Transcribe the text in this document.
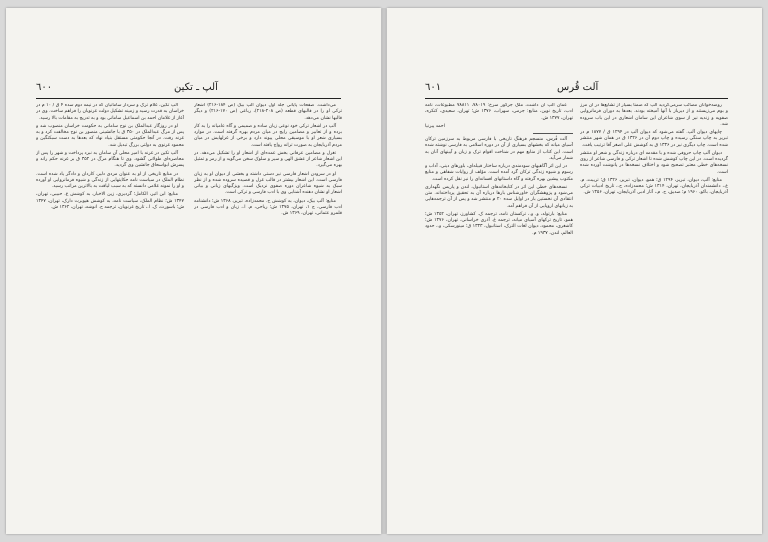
٦٠٠	آلپ ـ تکین

می‌داشت. صفحات پایانی جلد اول دیوان آلپ بیک (ص ۱۸۴-۲۱۶) اشعار ترکی او را در قالبهای قطعه (ص ۲۰۸-۲۱۸)، رباعی (ص ۱۷۰-۲۱۶) و دیگر قالبها نشان می‌دهد.

آلپ در اشعار ترکی خود نوعی زبان ساده و صمیمی و گاه عامیانه را به کار برده و از تعابیر و مضامین رایج در میان مردم بهره گرفته است. در موارد بسیاری شعر او با موسیقی محلی پیوند دارد و برخی از غزلهایش در میان مردم آذربایجان به صورت ترانه رواج یافته است.

تغزل و مضامین عرفانی بخش عمده‌ای از اشعار او را تشکیل می‌دهد. در این اشعار شاعر از عشق الهی و سیر و سلوک سخن می‌گوید و از رمز و تمثیل بهره می‌گیرد.

او در سرودن اشعار فارسی نیز دستی داشته و بخشی از دیوان او به زبان فارسی است. این اشعار بیشتر در قالب غزل و قصیده سروده شده و از نظر سبک به شیوه شاعران دوره صفوی نزدیک است. ویژگیهای زبانی و بیانی اشعار او نشان دهنده آشنایی وی با ادب فارسی و ترکی است.

منابع: آلپ بیک، دیوان، به کوشش ح. محمدزاده، تبریز، ۱۳۶۸ ش؛ دانشنامه ادب فارسی، ج ۱، تهران، ۱۳۷۵ ش؛ ریاحی، م. ا.، زبان و ادب فارسی در قلمرو عثمانی، تهران، ۱۳۶۹ ش.

آلپ تکین، غلام ترک و سردار سامانیان که در نیمه دوم سده ۴ ق / ۱۰ م در خراسان به قدرت رسید و زمینه تشکیل دولت غزنویان را فراهم ساخت. وی در آغاز از غلامان احمد بن اسماعیل سامانی بود و به تدریج به مقامات بالا رسید.

او در روزگار عبدالملک بن نوح سامانی به حکومت خراسان منصوب شد و پس از مرگ عبدالملک در ۳۵۰ ق با جانشینی منصور بن نوح مخالفت کرد و به غزنه رفت. در آنجا حکومتی مستقل بنیاد نهاد که بعدها به دست سبکتگین و محمود غزنوی به دولتی بزرگ تبدیل شد.

آلپ تکین در غزنه با امیر محلی آن سامان به نبرد پرداخت و شهر را پس از محاصره‌ای طولانی گشود. وی تا هنگام مرگ در ۳۵۲ ق بر غزنه حکم راند و پسرش ابواسحاق جانشین وی گردید.

در منابع تاریخی از او به عنوان مردی دلیر، کاردان و دادگر یاد شده است. نظام الملک در سیاست نامه حکایتهایی از زندگی و شیوه فرمانروایی او آورده و او را نمونه غلامی دانسته که به سبب لیاقت به بالاترین مراتب رسید.

منابع: ابن اثیر، الکامل؛ گردیزی، زین الاخبار، به کوشش ع. حبیبی، تهران، ۱۳۴۷ ش؛ نظام الملک، سیاست نامه، به کوشش هیوبرت دارک، تهران، ۱۳۴۷ ش؛ باسورث، ک. ا.، تاریخ غزنویان، ترجمه ح. انوشه، تهران، ۱۳۶۲ ش.

٦٠١	آلت قُرس

روضه‌خوانان مصائب سرمی‌گردید آلپ که ضمنا بسیار از تشایع‌ها در آن مرز و بوم می‌زیستند و از دیرباز با آنها آمیخته بودند. بعدها به دوران فرمانروایی صفویه و زندیه نیز از سوی شاعران این سامان اشعاری در این باب سروده شد.

چاپهای دیوان آلپ. گفته می‌شود که دیوان آلپ در ۱۲۹۴ ق / ۱۸۷۷ م در تبریز به چاپ سنگی رسیده و چاپ دوم آن در ۱۳۲۶ ق در همان شهر منتشر شده است. چاپ دیگری نیز در ۱۳۳۶ ق به کوشش علی اصغر آقا ترتیب یافت.

دیوان آلپ چاپ حروفی شده و با مقدمه ای درباره زندگی و شعر او منتشر گردیده است. در این چاپ کوشش شده تا اشعار ترکی و فارسی شاعر از روی نسخه‌های خطی معتبر تصحیح شود و اختلاف نسخه‌ها در پانوشت آورده شده است.

منابع: آلپ، دیوان، تبریز، ۱۲۹۴ ق؛ همو، دیوان، تبریز، ۱۳۲۶ ق؛ تربیت، م. ع.، دانشمندان آذربایجان، تهران، ۱۳۱۴ ش؛ محمدزاده، ح.، تاریخ ادبیات ترکی آذربایجان، باکو، ۱۹۶۰ م؛ صدیق، ح. م.، آثار ادبی آذربایجان، تهران، ۱۳۵۶ ش.

عمان آلپ آن داشت، ملک جرگور سرخ: ۷۸۰۱۹، ۷۸۸۱۱ مطبوعات، نامه ادب، تاریخ نوین، منابع: جرمی، سهراب، ۱۳۷۶ ش؛ تهران، سعیدی، کنکره، تهران، ۱۳۷۷ ش.

احمد پیرنیا

آلت قُرس، منسجم فرهنگ تاریخی با فارسی مربوط به سرزمین ترکان آسیای میانه که بخشهای بسیاری از آن در دوره اسلامی به فارسی نوشته شده است. این کتاب از منابع مهم در شناخت اقوام ترک و زبان و آیینهای آنان به شمار می‌آید.

در این اثر آگاهیهای سودمندی درباره ساختار قبیله‌ای، باورهای دینی، آداب و رسوم و شیوه زندگی ترکان گرد آمده است. مؤلف از روایات شفاهی و منابع مکتوب پیشین بهره گرفته و گاه داستانهای افسانه‌ای را نیز نقل کرده است.

نسخه‌های خطی این اثر در کتابخانه‌های استانبول، لندن و پاریس نگهداری می‌شود و پژوهشگران خاورشناس بارها درباره آن به تحقیق پرداخته‌اند. متن انتقادی آن نخستین بار در اوایل سده ۲۰ م منتشر شد و پس از آن ترجمه‌هایی به زبانهای اروپایی از آن فراهم آمد.

منابع: بارتولد، و. و.، ترکستان نامه، ترجمه ک. کشاورز، تهران، ۱۳۵۲ ش؛ همو، تاریخ ترکهای آسیای میانه، ترجمه غ. آذری خراسانی، تهران، ۱۳۷۶ ش؛ کاشغری، محمود، دیوان لغات الترک، استانبول، ۱۳۳۳ ق؛ مینورسکی، و.، حدود العالم، لندن، ۱۹۳۷ م.
